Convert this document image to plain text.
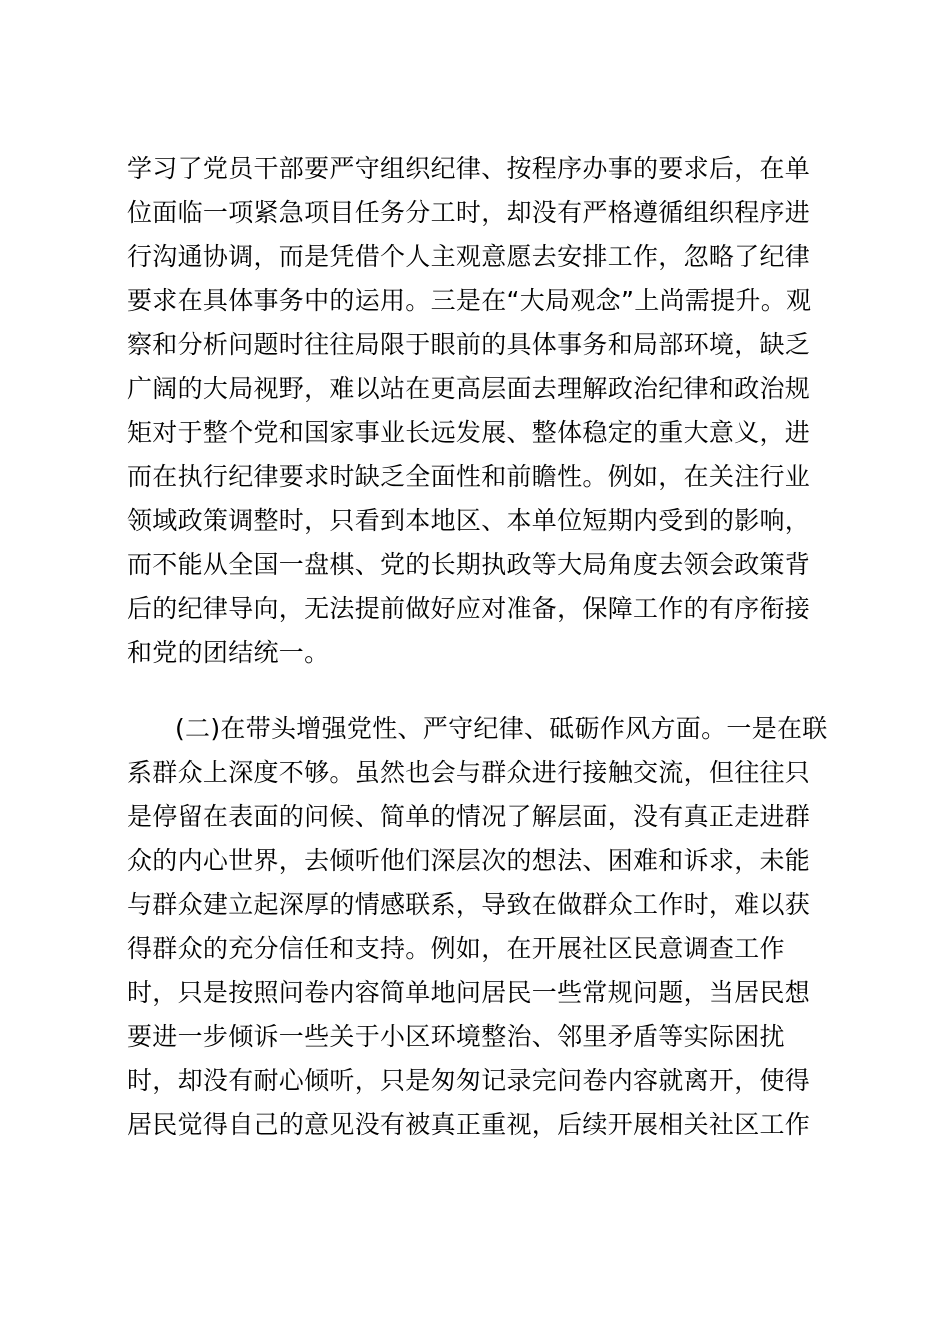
学习了党员干部要严守组织纪律、按程序办事的要求后，在单
位面临一项紧急项目任务分工时，却没有严格遵循组织程序进
行沟通协调，而是凭借个人主观意愿去安排工作，忽略了纪律
要求在具体事务中的运用。三是在“大局观念”上尚需提升。观
察和分析问题时往往局限于眼前的具体事务和局部环境，缺乏
广阔的大局视野，难以站在更高层面去理解政治纪律和政治规
矩对于整个党和国家事业长远发展、整体稳定的重大意义，进
而在执行纪律要求时缺乏全面性和前瞻性。例如，在关注行业
领域政策调整时，只看到本地区、本单位短期内受到的影响，
而不能从全国一盘棋、党的长期执政等大局角度去领会政策背
后的纪律导向，无法提前做好应对准备，保障工作的有序衔接
和党的团结统一。
(二)在带头增强党性、严守纪律、砥砺作风方面。一是在联
系群众上深度不够。虽然也会与群众进行接触交流，但往往只
是停留在表面的问候、简单的情况了解层面，没有真正走进群
众的内心世界，去倾听他们深层次的想法、困难和诉求，未能
与群众建立起深厚的情感联系，导致在做群众工作时，难以获
得群众的充分信任和支持。例如，在开展社区民意调查工作
时，只是按照问卷内容简单地问居民一些常规问题，当居民想
要进一步倾诉一些关于小区环境整治、邻里矛盾等实际困扰
时，却没有耐心倾听，只是匆匆记录完问卷内容就离开，使得
居民觉得自己的意见没有被真正重视，后续开展相关社区工作
